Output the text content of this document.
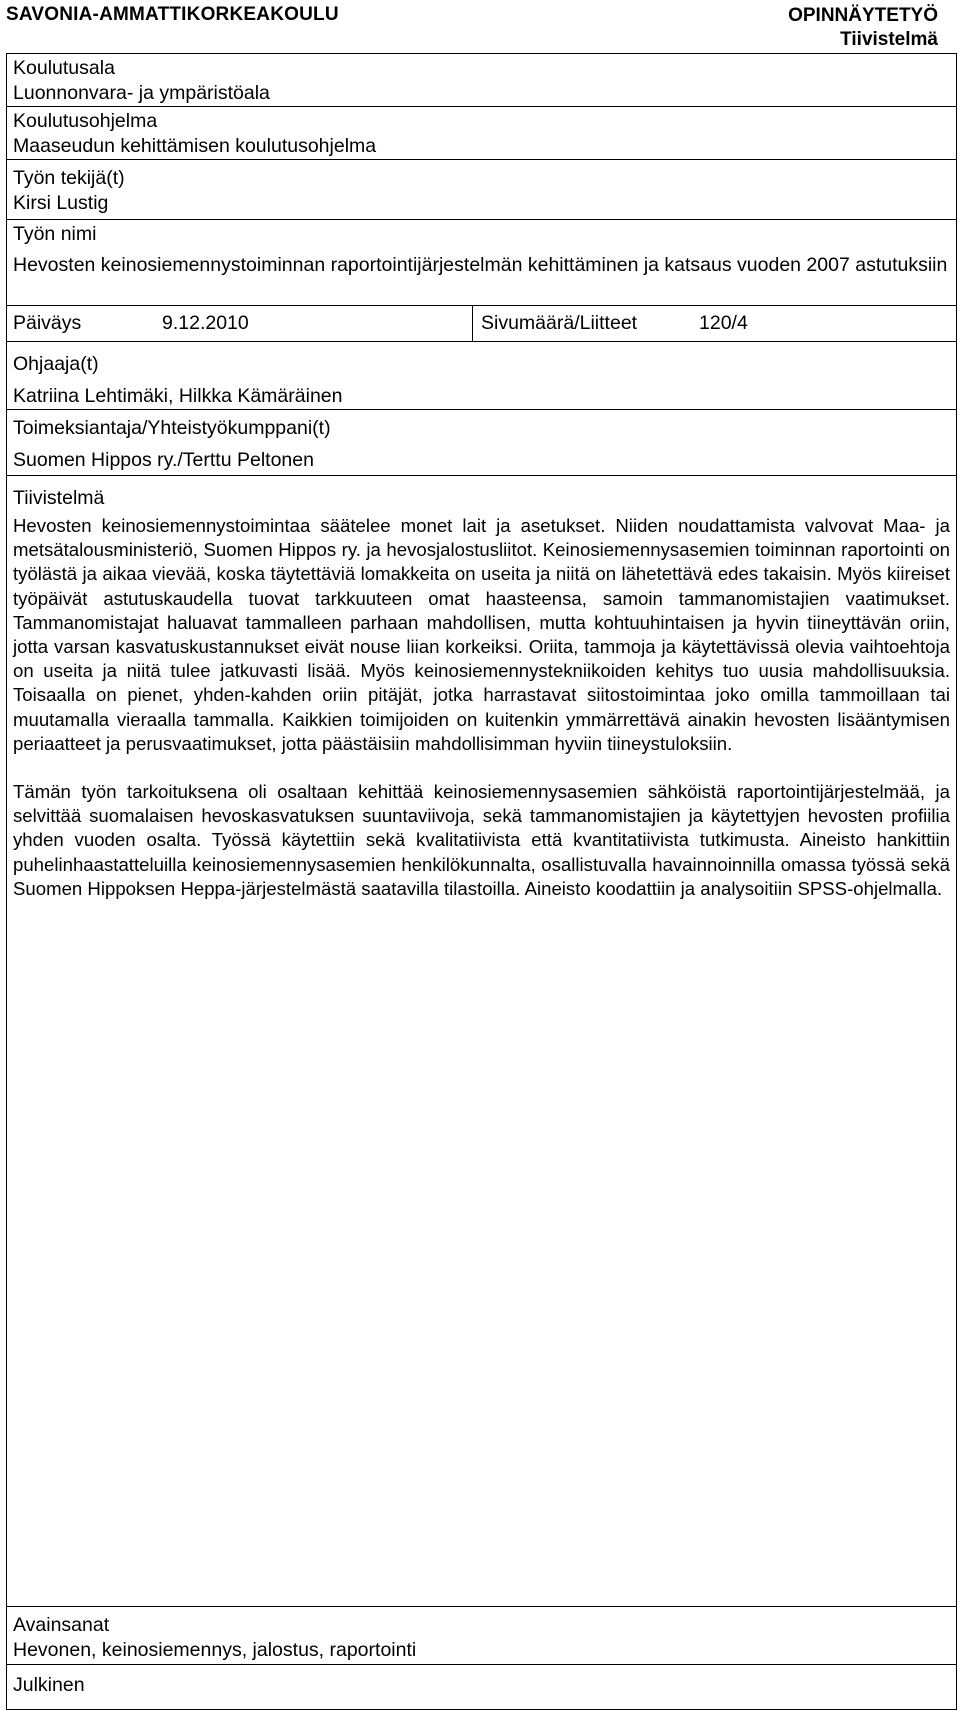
SAVONIA-AMMATTIKORKEAKOULU	OPINNÄYTETYÖ
Tiivistelmä
Koulutusala
Luonnonvara- ja ympäristöala
Koulutusohjelma
Maaseudun kehittämisen koulutusohjelma
Työn tekijä(t)
Kirsi Lustig
Työn nimi
Hevosten keinosiemennystoiminnan raportointijärjestelmän kehittäminen ja katsaus vuoden 2007 astutuksiin
Päiväys	9.12.2010	Sivumäärä/Liitteet	120/4
Ohjaaja(t)
Katriina Lehtimäki, Hilkka Kämäräinen
Toimeksiantaja/Yhteistyökumppani(t)
Suomen Hippos ry./Terttu Peltonen
Tiivistelmä

Hevosten keinosiemennystoimintaa säätelee monet lait ja asetukset. Niiden noudattamista valvovat Maa- ja metsätalousministeriö, Suomen Hippos ry. ja hevosjalostusliitot. Keinosiemennysasemien toiminnan raportointi on työlästä ja aikaa vievää, koska täytettäviä lomakkeita on useita ja niitä on lähetettävä edes takaisin. Myös kiireiset työpäivät astutuskaudella tuovat tarkkuuteen omat haasteensa, samoin tammanomistajien vaatimukset. Tammanomistajat haluavat tammalleen parhaan mahdollisen, mutta kohtuuhintaisen ja hyvin tiineyttävän oriin, jotta varsan kasvatuskustannukset eivät nouse liian korkeiksi. Oriita, tammoja ja käytettävissä olevia vaihtoehtoja on useita ja niitä tulee jatkuvasti lisää. Myös keinosiemennystekniikoiden kehitys tuo uusia mahdollisuuksia. Toisaalla on pienet, yhden-kahden oriin pitäjät, jotka harrastavat siitostoimintaa joko omilla tammoillaan tai muutamalla vieraalla tammalla. Kaikkien toimijoiden on kuitenkin ymmärrettävä ainakin hevosten lisääntymisen periaatteet ja perusvaatimukset, jotta päästäisiin mahdollisimman hyviin tiineystuloksiin.

Tämän työn tarkoituksena oli osaltaan kehittää keinosiemennysasemien sähköistä raportointijärjestelmää, ja selvittää suomalaisen hevoskasvatuksen suuntaviivoja, sekä tammanomistajien ja käytettyjen hevosten profiilia yhden vuoden osalta. Työssä käytettiin sekä kvalitatiivista että kvantitatiivista tutkimusta. Aineisto hankittiin puhelinhaastatteluilla keinosiemennysasemien henkilökunnalta, osallistuvalla havainnoinnilla omassa työssä sekä Suomen Hippoksen Heppa-järjestelmästä saatavilla tilastoilla. Aineisto koodattiin ja analysoitiin SPSS-ohjelmalla.

Avainsanat
Hevonen, keinosiemennys, jalostus, raportointi
Julkinen
